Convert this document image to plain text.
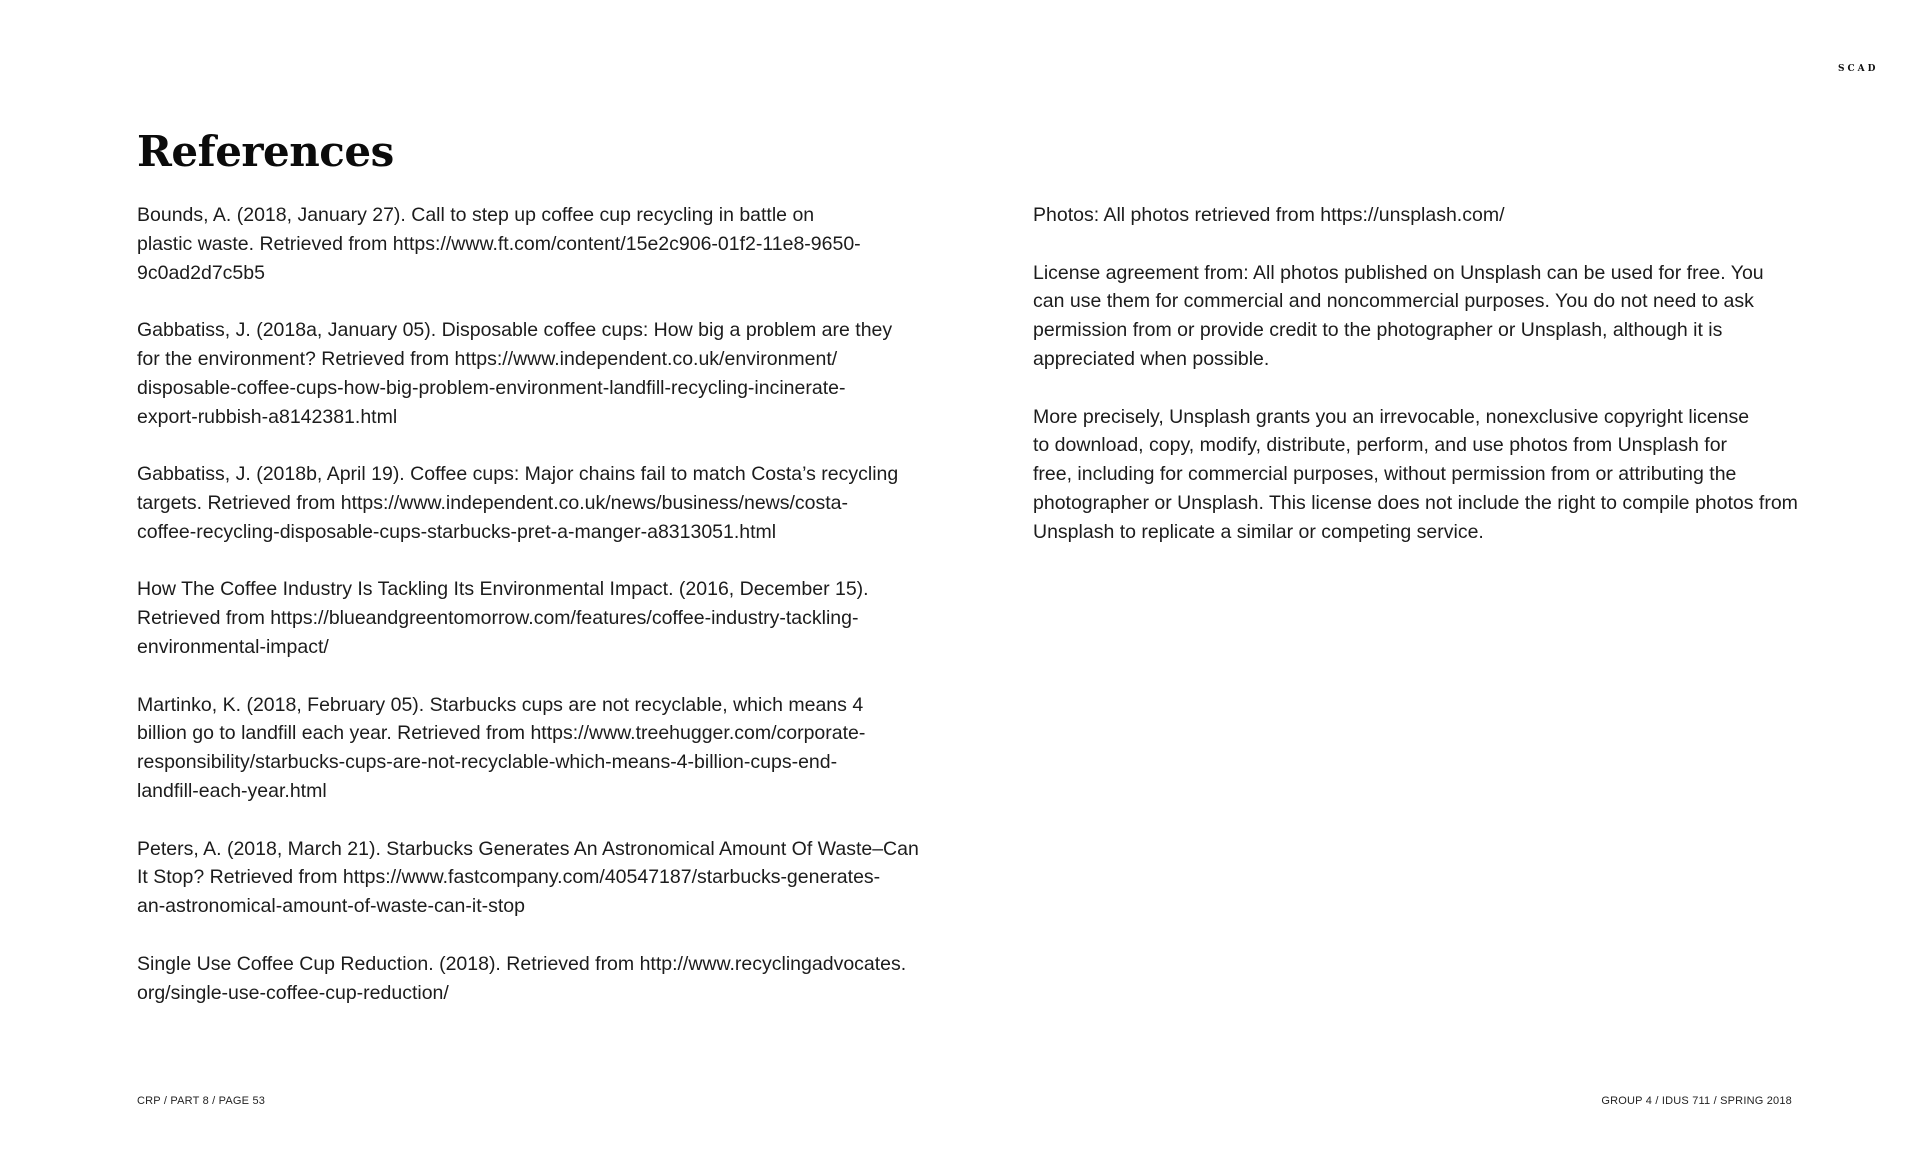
SCAD
References

Bounds, A. (2018, January 27). Call to step up coffee cup recycling in battle on
plastic waste. Retrieved from https://www.ft.com/content/15e2c906-01f2-11e8-9650-
9c0ad2d7c5b5

Gabbatiss, J. (2018a, January 05). Disposable coffee cups: How big a problem are they
for the environment? Retrieved from https://www.independent.co.uk/environment/
disposable-coffee-cups-how-big-problem-environment-landfill-recycling-incinerate-
export-rubbish-a8142381.html

Gabbatiss, J. (2018b, April 19). Coffee cups: Major chains fail to match Costa’s recycling
targets. Retrieved from https://www.independent.co.uk/news/business/news/costa-
coffee-recycling-disposable-cups-starbucks-pret-a-manger-a8313051.html

How The Coffee Industry Is Tackling Its Environmental Impact. (2016, December 15).
Retrieved from https://blueandgreentomorrow.com/features/coffee-industry-tackling-
environmental-impact/

Martinko, K. (2018, February 05). Starbucks cups are not recyclable, which means 4
billion go to landfill each year. Retrieved from https://www.treehugger.com/corporate-
responsibility/starbucks-cups-are-not-recyclable-which-means-4-billion-cups-end-
landfill-each-year.html

Peters, A. (2018, March 21). Starbucks Generates An Astronomical Amount Of Waste–Can
It Stop? Retrieved from https://www.fastcompany.com/40547187/starbucks-generates-
an-astronomical-amount-of-waste-can-it-stop

Single Use Coffee Cup Reduction. (2018). Retrieved from http://www.recyclingadvocates.
org/single-use-coffee-cup-reduction/

Photos: All photos retrieved from https://unsplash.com/

License agreement from: All photos published on Unsplash can be used for free. You
can use them for commercial and noncommercial purposes. You do not need to ask
permission from or provide credit to the photographer or Unsplash, although it is
appreciated when possible.

More precisely, Unsplash grants you an irrevocable, nonexclusive copyright license
to download, copy, modify, distribute, perform, and use photos from Unsplash for
free, including for commercial purposes, without permission from or attributing the
photographer or Unsplash. This license does not include the right to compile photos from
Unsplash to replicate a similar or competing service.

CRP / PART 8 / PAGE 53	GROUP 4 / IDUS 711 / SPRING 2018
